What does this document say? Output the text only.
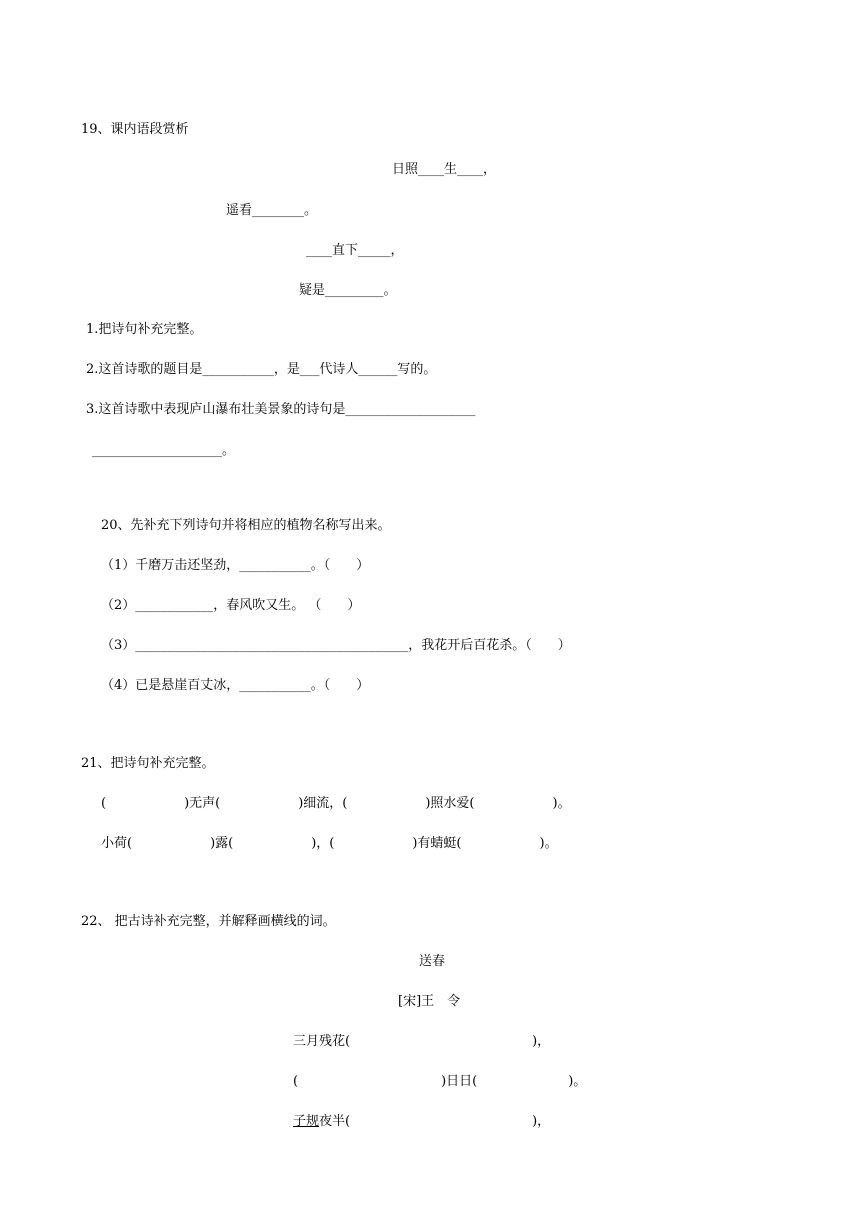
19、课内语段赏析
日照____生____，
遥看________。
____直下_____，
疑是_________。
1.把诗句补充完整。
2.这首诗歌的题目是___________，是___代诗人______写的。
3.这首诗歌中表现庐山瀑布壮美景象的诗句是____________________
____________________。
20、先补充下列诗句并将相应的植物名称写出来。
（1）千磨万击还坚劲，___________。（　　）
（2）____________，春风吹又生。 （　　）
（3）__________________________________________，我花开后百花杀。（　　）
（4）已是悬崖百丈冰，___________。（　　）
21、把诗句补充完整。
(　　　　　　)无声(　　　　　　)细流，(　　　　　　)照水爱(　　　　　　)。
小荷(　　　　　　)露(　　　　　　)，(　　　　　　)有蜻蜓(　　　　　　)。
22、 把古诗补充完整，并解释画横线的词。
送春
[宋]王　令
三月残花(　　　　　　　　　　　　　　)，
(　　　　　　　　　　　)日日(　　　　　　　)。
子规夜半(　　　　　　　　　　　　　　)，
